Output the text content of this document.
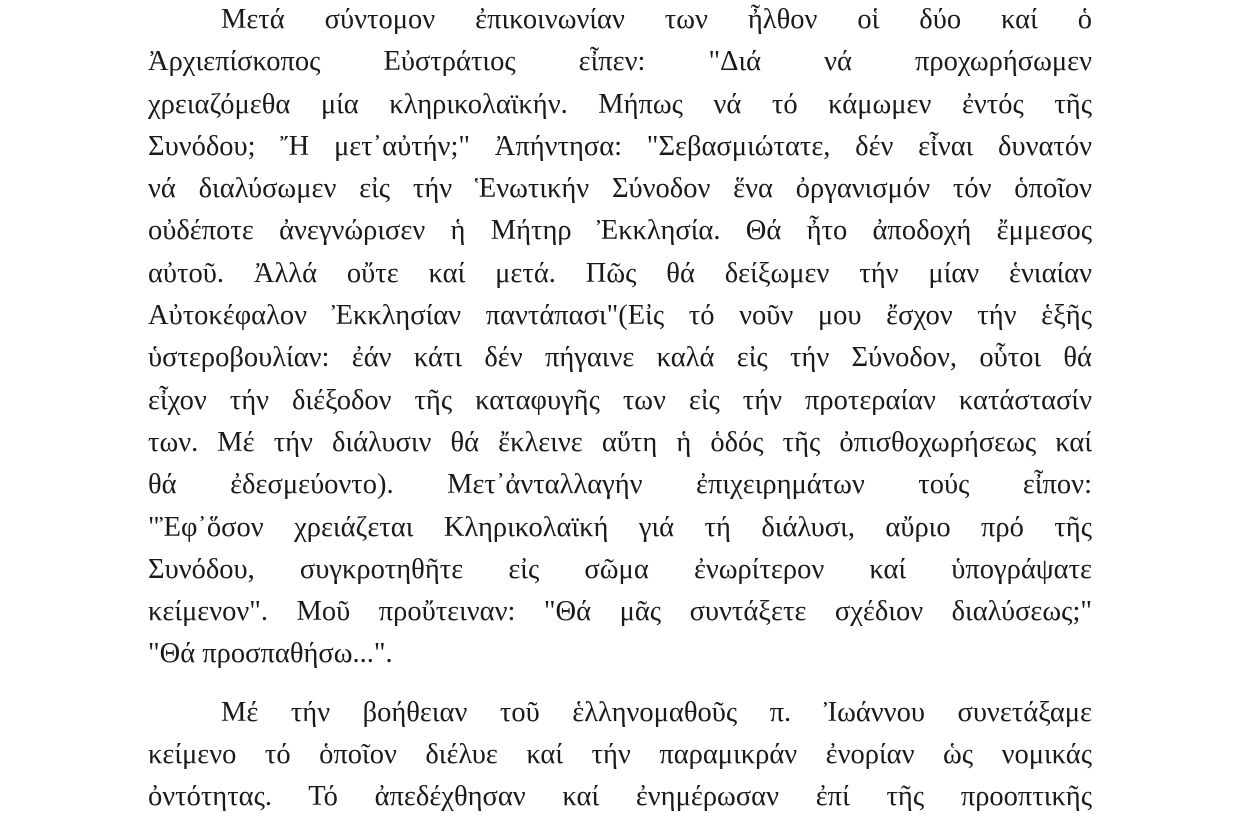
Μετά σύντομον ἐπικοινωνίαν των ἦλθον οἱ δύο καί ὁ
Ἀρχιεπίσκοπος Εὐστράτιος εἶπεν: "Διά νά προχωρήσωμεν
χρειαζόμεθα μία κληρικολαϊκήν. Μήπως νά τό κάμωμεν ἐντός τῆς
Συνόδου; Ἤ μετ᾽αὐτήν;" Ἀπήντησα: "Σεβασμιώτατε, δέν εἶναι δυνατόν
νά διαλύσωμεν εἰς τήν Ἑνωτικήν Σύνοδον ἕνα ὀργανισμόν τόν ὁποῖον
οὐδέποτε ἀνεγνώρισεν ἡ Μήτηρ Ἐκκλησία. Θά ἦτο ἀποδοχή ἔμμεσος
αὐτοῦ. Ἀλλά οὔτε καί μετά. Πῶς θά δείξωμεν τήν μίαν ἑνιαίαν
Αὐτοκέφαλον Ἐκκλησίαν παντάπασι"(Εἰς τό νοῦν μου ἔσχον τήν ἑξῆς
ὑστεροβουλίαν: ἐάν κάτι δέν πήγαινε καλά εἰς τήν Σύνοδον, οὗτοι θά
εἶχον τήν διέξοδον τῆς καταφυγῆς των εἰς τήν προτεραίαν κατάστασίν
των. Μέ τήν διάλυσιν θά ἔκλεινε αὕτη ἡ ὁδός τῆς ὀπισθοχωρήσεως καί
θά ἐδεσμεύοντο). Μετ᾽ἀνταλλαγήν ἐπιχειρημάτων τούς εἶπον:
"Ἐφ᾽ὅσον χρειάζεται Κληρικολαϊκή γιά τή διάλυσι, αὔριο πρό τῆς
Συνόδου, συγκροτηθῆτε εἰς σῶμα ἐνωρίτερον καί ὑπογράψατε
κείμενον". Μοῦ προὔτειναν: "Θά μᾶς συντάξετε σχέδιον διαλύσεως;"
"Θά προσπαθήσω...".
Μέ τήν βοήθειαν τοῦ ἑλληνομαθοῦς π. Ἰωάννου συνετάξαμε
κείμενο τό ὁποῖον διέλυε καί τήν παραμικράν ἐνορίαν ὡς νομικάς
ὀντότητας. Τό ἀπεδέχθησαν καί ἐνημέρωσαν ἐπί τῆς προοπτικῆς
